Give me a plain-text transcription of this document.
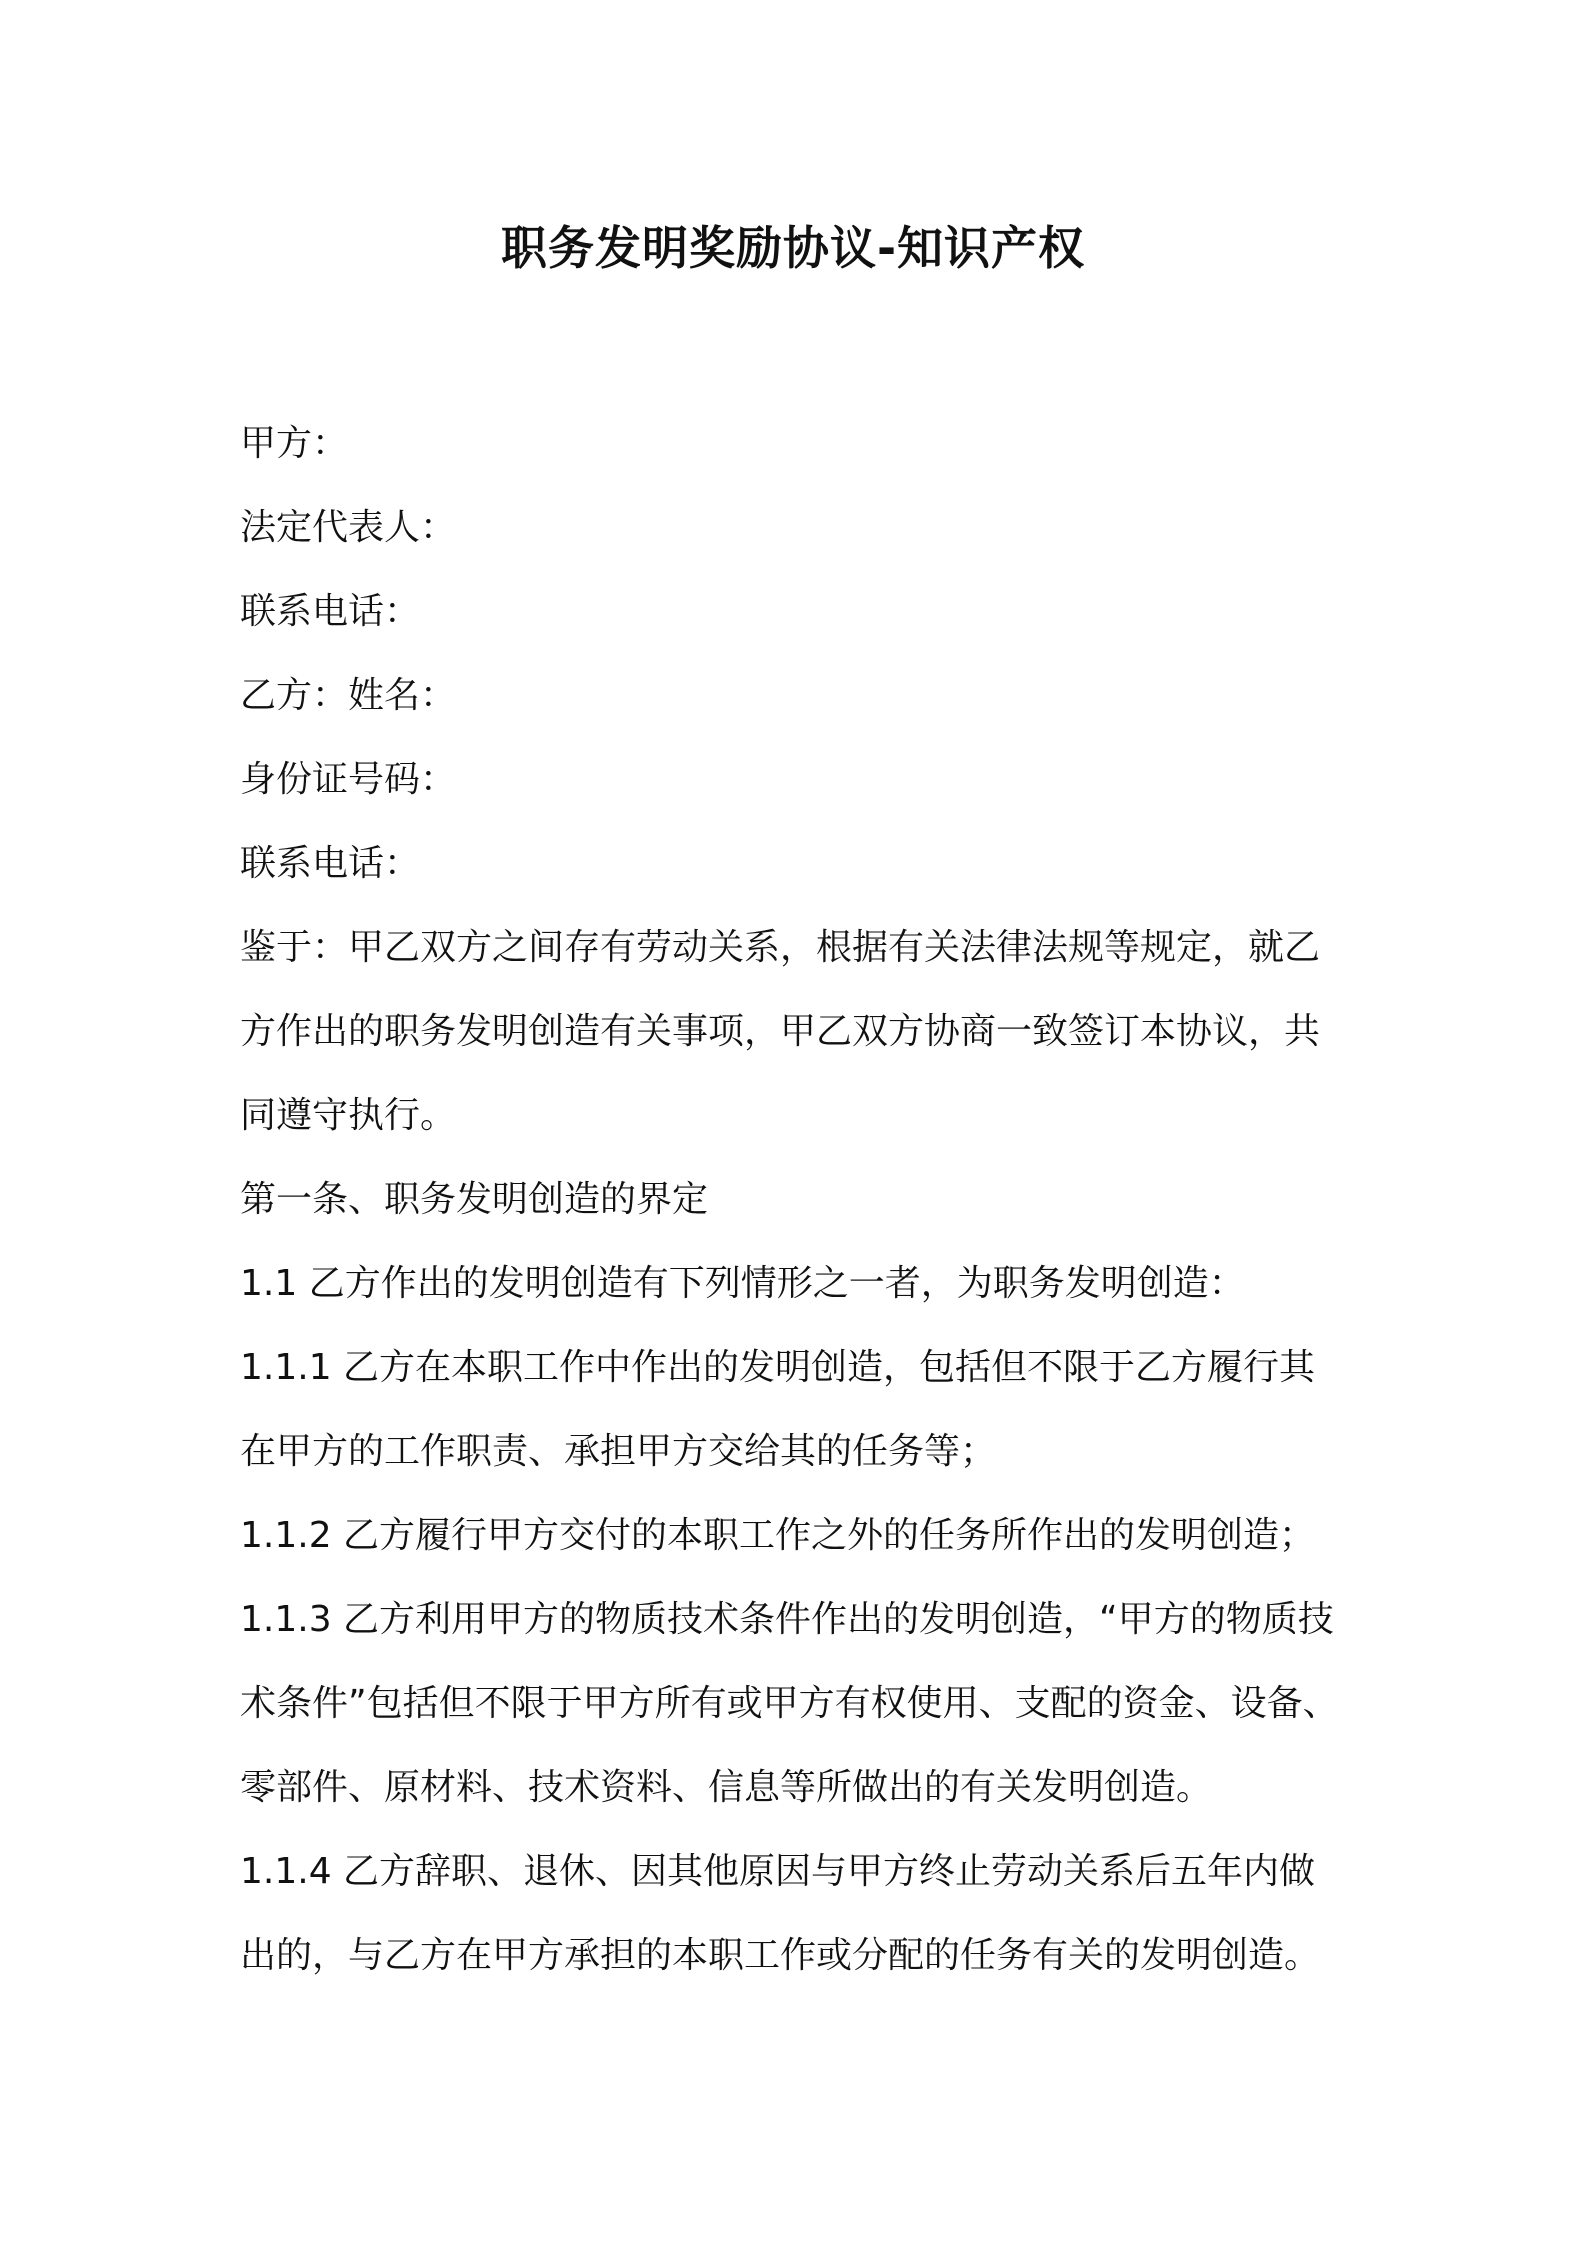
职务发明奖励协议-知识产权

甲方：

法定代表人：

联系电话：

乙方：姓名：

身份证号码：

联系电话：

鉴于：甲乙双方之间存有劳动关系，根据有关法律法规等规定，就乙

方作出的职务发明创造有关事项，甲乙双方协商一致签订本协议，共

同遵守执行。

第一条、职务发明创造的界定

1.1 乙方作出的发明创造有下列情形之一者，为职务发明创造：

1.1.1 乙方在本职工作中作出的发明创造，包括但不限于乙方履行其

在甲方的工作职责、承担甲方交给其的任务等；

1.1.2 乙方履行甲方交付的本职工作之外的任务所作出的发明创造；

1.1.3 乙方利用甲方的物质技术条件作出的发明创造，“甲方的物质技

术条件”包括但不限于甲方所有或甲方有权使用、支配的资金、设备、

零部件、原材料、技术资料、信息等所做出的有关发明创造。

1.1.4 乙方辞职、退休、因其他原因与甲方终止劳动关系后五年内做

出的，与乙方在甲方承担的本职工作或分配的任务有关的发明创造。
